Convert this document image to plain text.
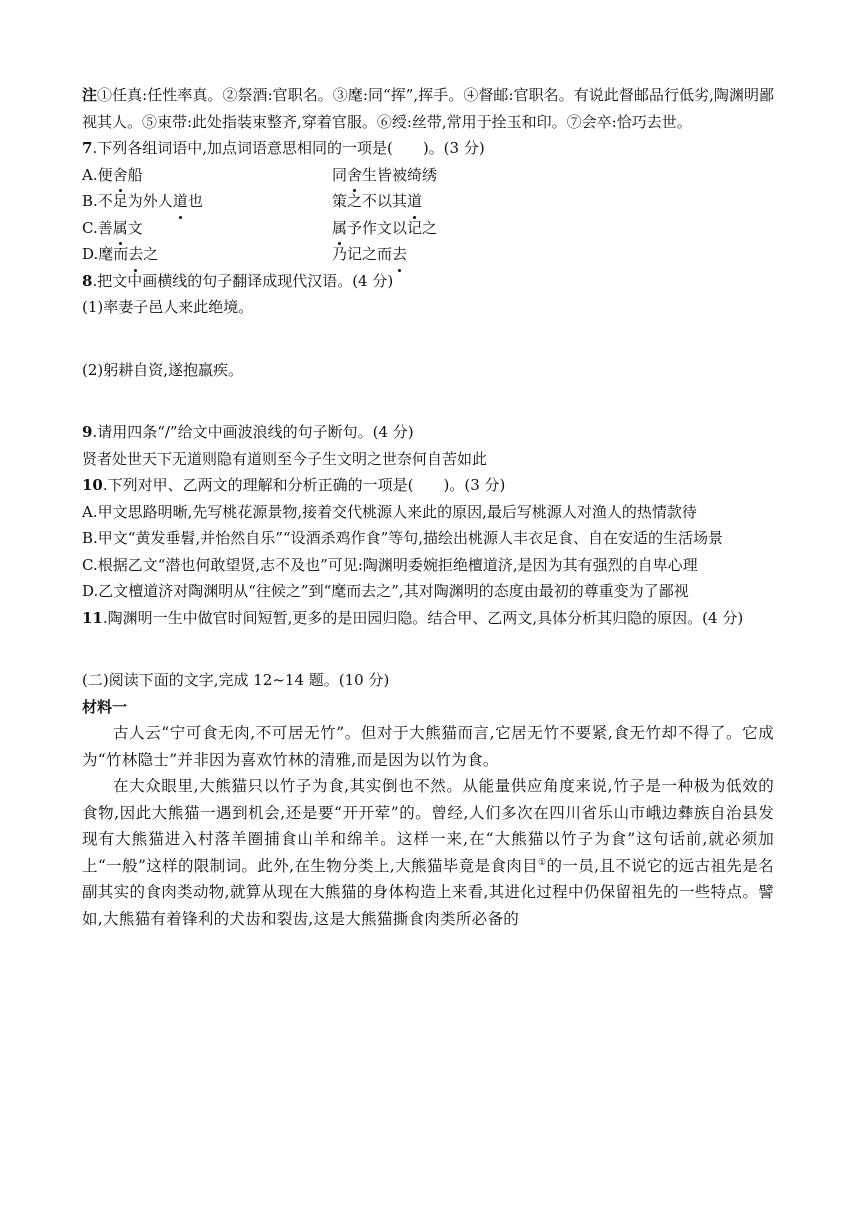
注①任真:任性率真。②祭酒:官职名。③麾:同“挥”,挥手。④督邮:官职名。有说此督邮品行低劣,陶渊明鄙视其人。⑤束带:此处指装束整齐,穿着官服。⑥绶:丝带,常用于拴玉和印。⑦会卒:恰巧去世。
7.下列各组词语中,加点词语意思相同的一项是(　　)。(3 分)
A.便舍船	同舍生皆被绮绣
B.不足为外人道也	策之不以其道
C.善属文	属予作文以记之
D.麾而去之	乃记之而去
8.把文中画横线的句子翻译成现代汉语。(4 分)
(1)率妻子邑人来此绝境。
(2)躬耕自资,遂抱羸疾。
9.请用四条“/”给文中画波浪线的句子断句。(4 分)
贤者处世天下无道则隐有道则至今子生文明之世奈何自苦如此
10.下列对甲、乙两文的理解和分析正确的一项是(　　)。(3 分)
A.甲文思路明晰,先写桃花源景物,接着交代桃源人来此的原因,最后写桃源人对渔人的热情款待
B.甲文“黄发垂髫,并怡然自乐”“设酒杀鸡作食”等句,描绘出桃源人丰衣足食、自在安适的生活场景
C.根据乙文“潜也何敢望贤,志不及也”可见:陶渊明委婉拒绝檀道济,是因为其有强烈的自卑心理
D.乙文檀道济对陶渊明从“往候之”到“麾而去之”,其对陶渊明的态度由最初的尊重变为了鄙视
11.陶渊明一生中做官时间短暂,更多的是田园归隐。结合甲、乙两文,具体分析其归隐的原因。(4 分)
(二)阅读下面的文字,完成 12~14 题。(10 分)
材料一
古人云“宁可食无肉,不可居无竹”。但对于大熊猫而言,它居无竹不要紧,食无竹却不得了。它成为“竹林隐士”并非因为喜欢竹林的清雅,而是因为以竹为食。
在大众眼里,大熊猫只以竹子为食,其实倒也不然。从能量供应角度来说,竹子是一种极为低效的食物,因此大熊猫一遇到机会,还是要“开开荤”的。曾经,人们多次在四川省乐山市峨边彝族自治县发现有大熊猫进入村落羊圈捕食山羊和绵羊。这样一来,在“大熊猫以竹子为食”这句话前,就必须加上“一般”这样的限制词。此外,在生物分类上,大熊猫毕竟是食肉目①的一员,且不说它的远古祖先是名副其实的食肉类动物,就算从现在大熊猫的身体构造上来看,其进化过程中仍保留祖先的一些特点。譬如,大熊猫有着锋利的犬齿和裂齿,这是大熊猫撕食肉类所必备的
